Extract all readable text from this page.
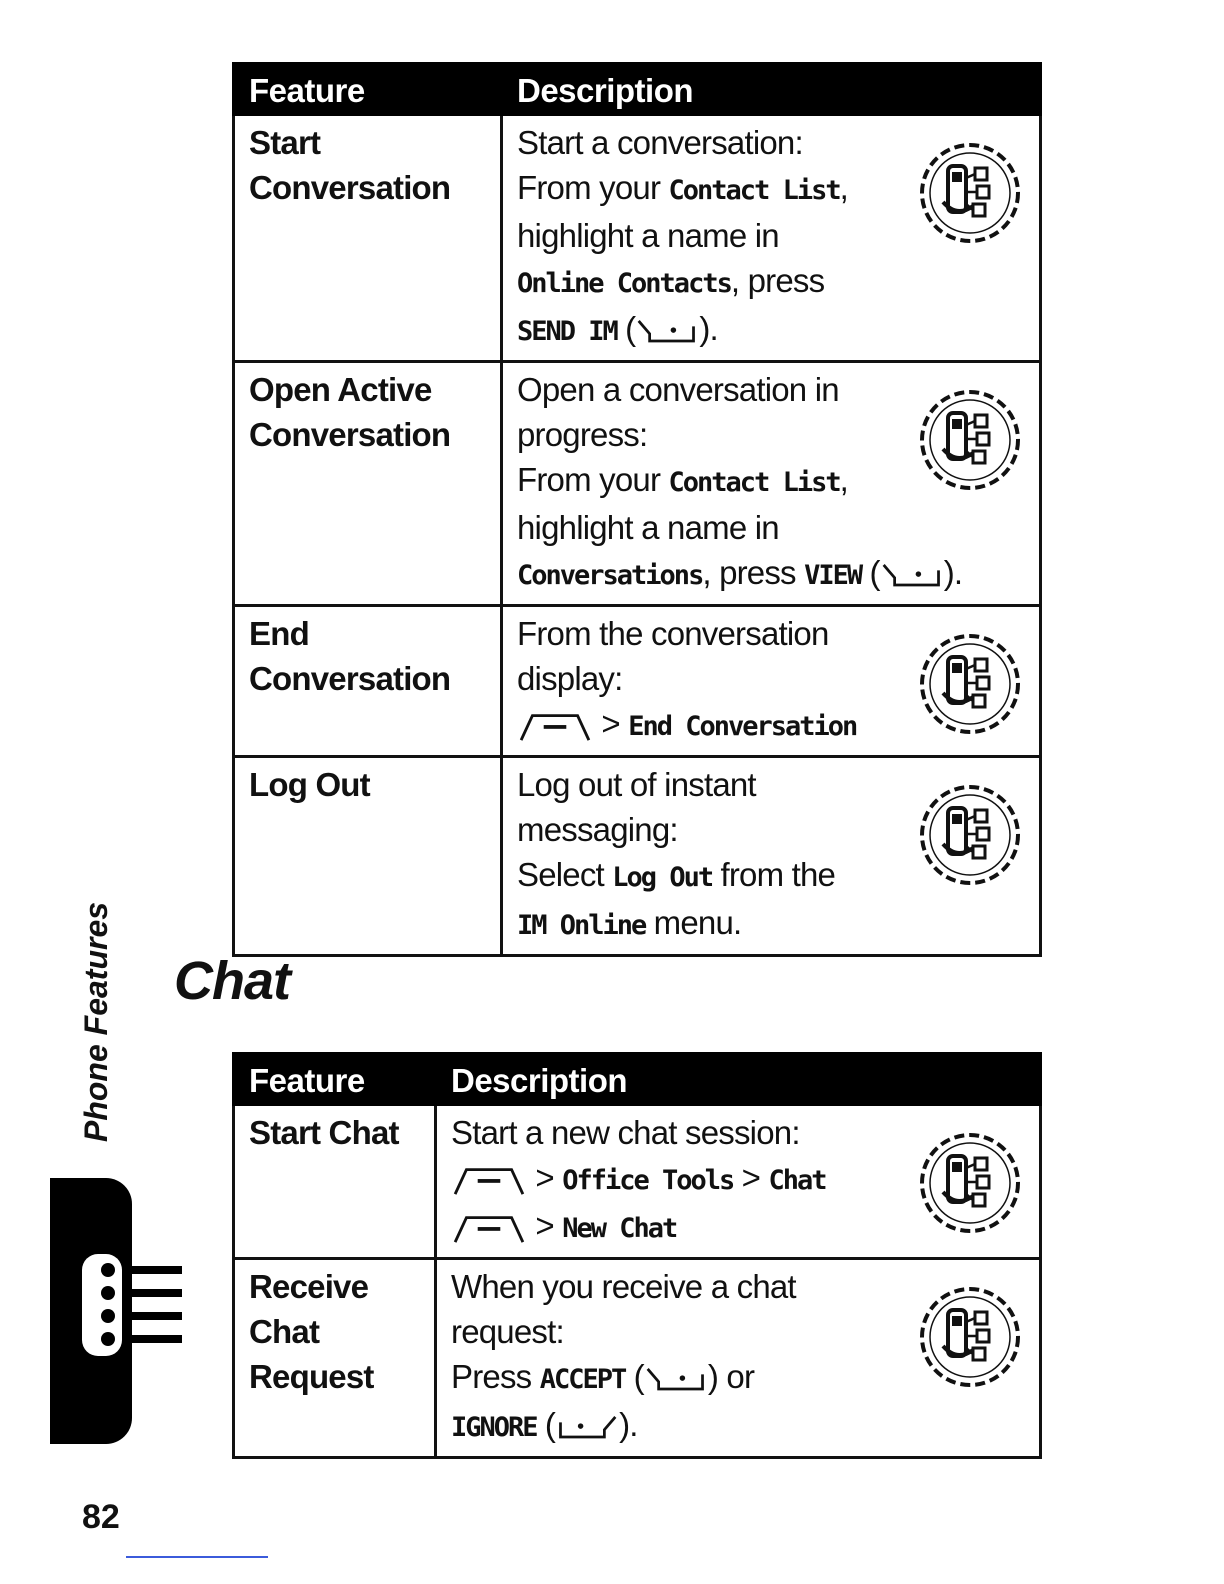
Feature	Description

Start
Conversation	Start a conversation:
From your Contact List,
highlight a name in
Online Contacts, press
SEND IM ( ).

Open Active
Conversation	Open a conversation in
progress:
From your Contact List,
highlight a name in
Conversations, press VIEW ( ).

End
Conversation	From the conversation
display:
> End Conversation

Log Out	Log out of instant
messaging:
Select Log Out from the
IM Online menu.
Chat
Feature	Description

Start Chat	Start a new chat session:
> Office Tools > Chat
> New Chat

Receive
Chat
Request	When you receive a chat
request:
Press ACCEPT ( ) or
IGNORE ( ).
Phone Features
82
